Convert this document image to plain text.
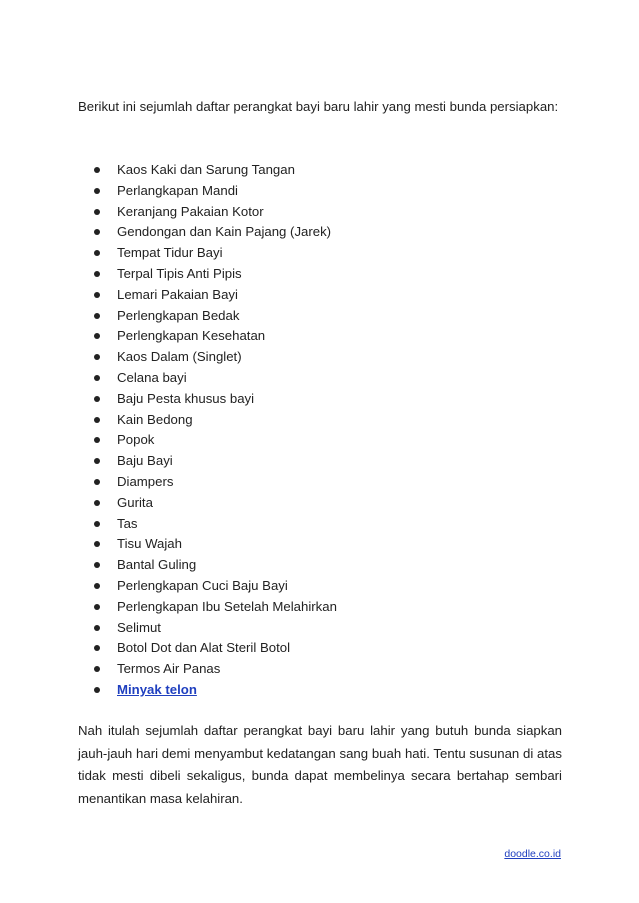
Berikut ini sejumlah daftar perangkat bayi baru lahir yang mesti bunda persiapkan:

Kaos Kaki dan Sarung Tangan
Perlangkapan Mandi
Keranjang Pakaian Kotor
Gendongan dan Kain Pajang (Jarek)
Tempat Tidur Bayi
Terpal Tipis Anti Pipis
Lemari Pakaian Bayi
Perlengkapan Bedak
Perlengkapan Kesehatan
Kaos Dalam (Singlet)
Celana bayi
Baju Pesta khusus bayi
Kain Bedong
Popok
Baju Bayi
Diampers
Gurita
Tas
Tisu Wajah
Bantal Guling
Perlengkapan Cuci Baju Bayi
Perlengkapan Ibu Setelah Melahirkan
Selimut
Botol Dot dan Alat Steril Botol
Termos Air Panas
Minyak telon

Nah itulah sejumlah daftar perangkat bayi baru lahir yang butuh bunda siapkan jauh-jauh hari demi menyambut kedatangan sang buah hati. Tentu susunan di atas tidak mesti dibeli sekaligus, bunda dapat membelinya secara bertahap sembari menantikan masa kelahiran.

doodle.co.id
